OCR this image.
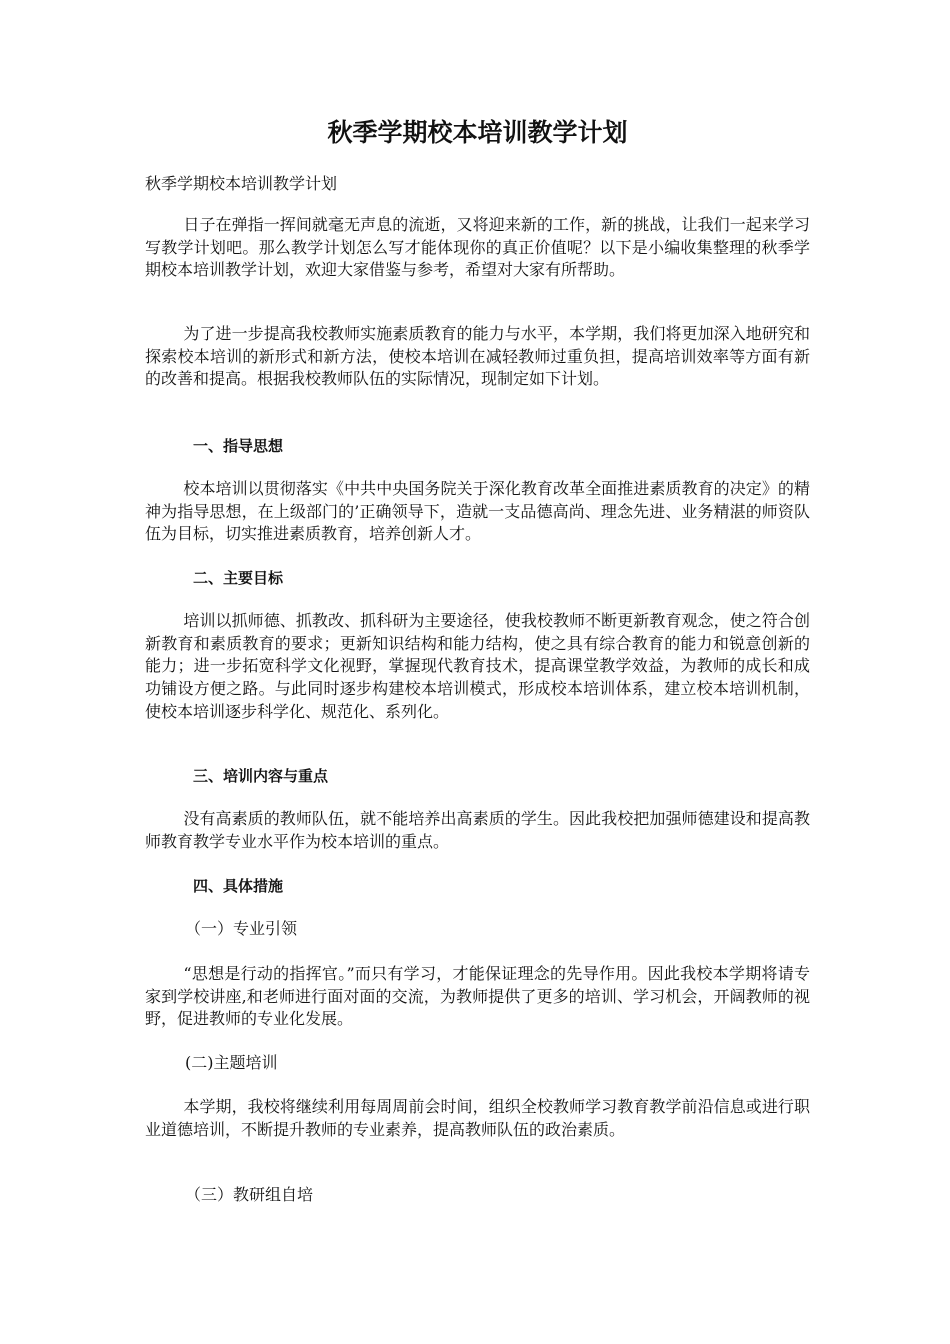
秋季学期校本培训教学计划

秋季学期校本培训教学计划

日子在弹指一挥间就毫无声息的流逝，又将迎来新的工作，新的挑战，让我们一起来学习写教学计划吧。那么教学计划怎么写才能体现你的真正价值呢？以下是小编收集整理的秋季学期校本培训教学计划，欢迎大家借鉴与参考，希望对大家有所帮助。

为了进一步提高我校教师实施素质教育的能力与水平，本学期，我们将更加深入地研究和探索校本培训的新形式和新方法，使校本培训在减轻教师过重负担，提高培训效率等方面有新的改善和提高。根据我校教师队伍的实际情况，现制定如下计划。

一、指导思想

校本培训以贯彻落实《中共中央国务院关于深化教育改革全面推进素质教育的决定》的精神为指导思想，在上级部门的’正确领导下，造就一支品德高尚、理念先进、业务精湛的师资队伍为目标，切实推进素质教育，培养创新人才。

二、主要目标

培训以抓师德、抓教改、抓科研为主要途径，使我校教师不断更新教育观念，使之符合创新教育和素质教育的要求；更新知识结构和能力结构，使之具有综合教育的能力和锐意创新的能力；进一步拓宽科学文化视野，掌握现代教育技术，提高课堂教学效益，为教师的成长和成功铺设方便之路。与此同时逐步构建校本培训模式，形成校本培训体系，建立校本培训机制，使校本培训逐步科学化、规范化、系列化。

三、培训内容与重点

没有高素质的教师队伍，就不能培养出高素质的学生。因此我校把加强师德建设和提高教师教育教学专业水平作为校本培训的重点。

四、具体措施

（一）专业引领

“思想是行动的指挥官。”而只有学习，才能保证理念的先导作用。因此我校本学期将请专家到学校讲座,和老师进行面对面的交流，为教师提供了更多的培训、学习机会，开阔教师的视野，促进教师的专业化发展。

(二)主题培训

本学期，我校将继续利用每周周前会时间，组织全校教师学习教育教学前沿信息或进行职业道德培训，不断提升教师的专业素养，提高教师队伍的政治素质。

（三）教研组自培
